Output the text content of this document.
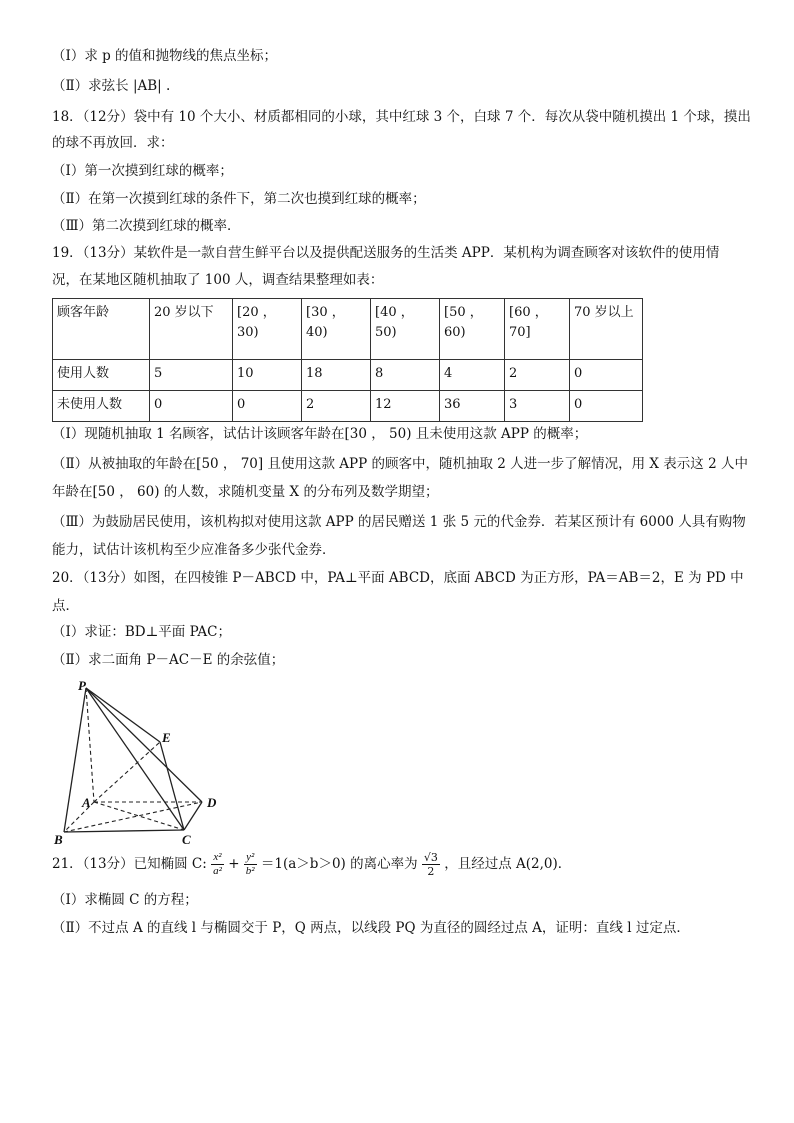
（Ⅰ）求 p 的值和抛物线的焦点坐标；
（Ⅱ）求弦长 |AB| .
18．（12分）袋中有 10 个大小、材质都相同的小球，其中红球 3 个，白球 7 个．每次从袋中随机摸出 1 个球，摸出
的球不再放回．求：
（Ⅰ）第一次摸到红球的概率；
（Ⅱ）在第一次摸到红球的条件下，第二次也摸到红球的概率；
（Ⅲ）第二次摸到红球的概率．
19．（13分）某软件是一款自营生鲜平台以及提供配送服务的生活类 APP．某机构为调查顾客对该软件的使用情
况，在某地区随机抽取了 100 人，调查结果整理如表：
顾客年龄	20 岁以下	[20 ， 30)	[30 ， 40)	[40 ， 50)	[50 ，
60)	[60 ， 70]	70 岁以上
使用人数	5	10	18	8	4	2	0
未使用人数	0	0	2	12	36	3	0
（Ⅰ）现随机抽取 1 名顾客，试估计该顾客年龄在[30 ， 50) 且未使用这款 APP 的概率；
（Ⅱ）从被抽取的年龄在[50 ， 70] 且使用这款 APP 的顾客中，随机抽取 2 人进一步了解情况，用 X 表示这 2 人中
年龄在[50 ， 60) 的人数，求随机变量 X 的分布列及数学期望；
（Ⅲ）为鼓励居民使用，该机构拟对使用这款 APP 的居民赠送 1 张 5 元的代金券．若某区预计有 6000 人具有购物
能力，试估计该机构至少应准备多少张代金券．
20．（13分）如图，在四棱锥 P－ABCD 中，PA⊥平面 ABCD，底面 ABCD 为正方形，PA＝AB＝2，E 为 PD 中
点．
（Ⅰ）求证：BD⊥平面 PAC；
（Ⅱ）求二面角 P－AC－E 的余弦值；
P
E
A	D
B	C
21．（13分）已知椭圆 C: $\frac{\text{x²}}{\text{a²}} + \frac{\text{y²}}{\text{b²}} =1(a>b>0)$ 的离心率为 $\frac{√3}{2}$ ，且经过点 A(2,0)．
（Ⅰ）求椭圆 C 的方程；
（Ⅱ）不过点 A 的直线 l 与椭圆交于 P，Q 两点，以线段 PQ 为直径的圆经过点 A，证明：直线 l 过定点．
